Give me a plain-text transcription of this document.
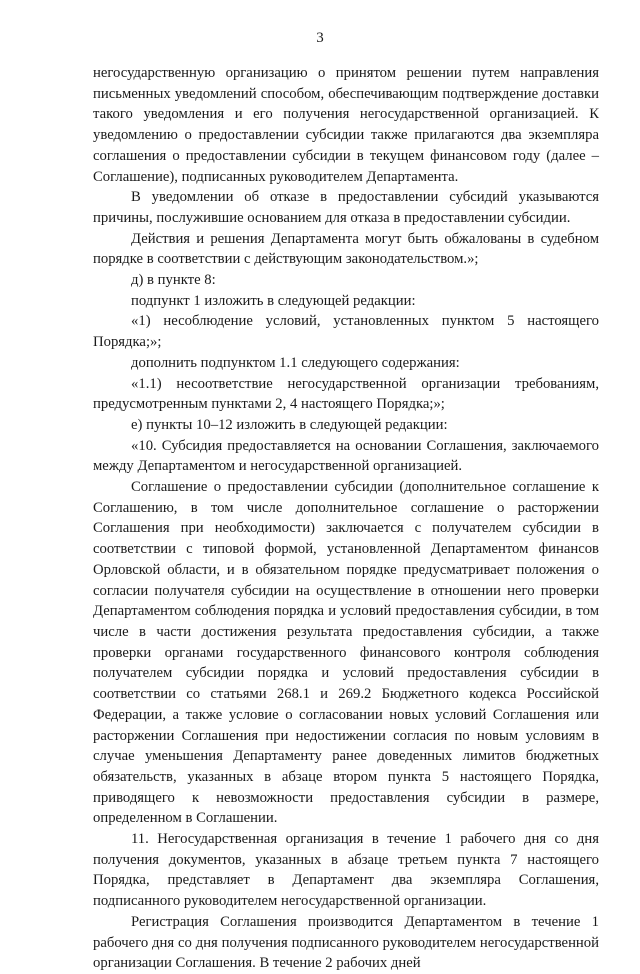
3

негосударственную организацию о принятом решении путем направления письменных уведомлений способом, обеспечивающим подтверждение доставки такого уведомления и его получения негосударственной организацией. К уведомлению о предоставлении субсидии также прилагаются два экземпляра соглашения о предоставлении субсидии в текущем финансовом году (далее – Соглашение), подписанных руководителем Департамента.

В уведомлении об отказе в предоставлении субсидий указываются причины, послужившие основанием для отказа в предоставлении субсидии.

Действия и решения Департамента могут быть обжалованы в судебном порядке в соответствии с действующим законодательством.»;

д) в пункте 8:

подпункт 1 изложить в следующей редакции:

«1) несоблюдение условий, установленных пунктом 5 настоящего Порядка;»;

дополнить подпунктом 1.1 следующего содержания:

«1.1) несоответствие негосударственной организации требованиям, предусмотренным пунктами 2, 4 настоящего Порядка;»;

е) пункты 10–12 изложить в следующей редакции:

«10. Субсидия предоставляется на основании Соглашения, заключаемого между Департаментом и негосударственной организацией.

Соглашение о предоставлении субсидии (дополнительное соглашение к Соглашению, в том числе дополнительное соглашение о расторжении Соглашения при необходимости) заключается с получателем субсидии в соответствии с типовой формой, установленной Департаментом финансов Орловской области, и в обязательном порядке предусматривает положения о согласии получателя субсидии на осуществление в отношении него проверки Департаментом соблюдения порядка и условий предоставления субсидии, в том числе в части достижения результата предоставления субсидии, а также проверки органами государственного финансового контроля соблюдения получателем субсидии порядка и условий предоставления субсидии в соответствии со статьями 268.1 и 269.2 Бюджетного кодекса Российской Федерации, а также условие о согласовании новых условий Соглашения или расторжении Соглашения при недостижении согласия по новым условиям в случае уменьшения Департаменту ранее доведенных лимитов бюджетных обязательств, указанных в абзаце втором пункта 5 настоящего Порядка, приводящего к невозможности предоставления субсидии в размере, определенном в Соглашении.

11. Негосударственная организация в течение 1 рабочего дня со дня получения документов, указанных в абзаце третьем пункта 7 настоящего Порядка, представляет в Департамент два экземпляра Соглашения, подписанного руководителем негосударственной организации.

Регистрация Соглашения производится Департаментом в течение 1 рабочего дня со дня получения подписанного руководителем негосударственной организации Соглашения. В течение 2 рабочих дней
